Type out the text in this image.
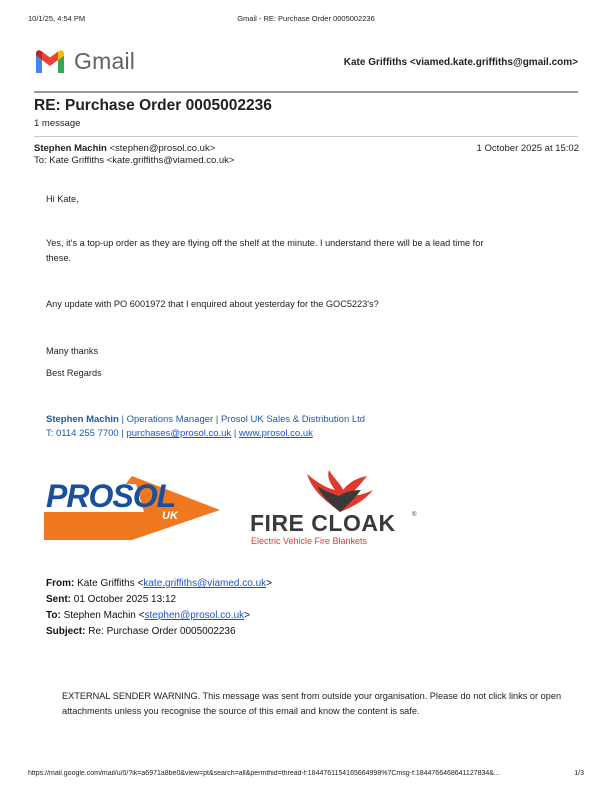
10/1/25, 4:54 PM	Gmail - RE: Purchase Order 0005002236
Gmail	Kate Griffiths <viamed.kate.griffiths@gmail.com>
RE: Purchase Order 0005002236
1 message
Stephen Machin <stephen@prosol.co.uk>	1 October 2025 at 15:02
To: Kate Griffiths <kate.griffiths@viamed.co.uk>
Hi Kate,
Yes, it's a top-up order as they are flying off the shelf at the minute. I understand there will be a lead time for
these.
Any update with PO 6001972 that I enquired about yesterday for the GOC5223's?
Many thanks
Best Regards
Stephen Machin | Operations Manager | Prosol UK Sales & Distribution Ltd
T: 0114 255 7700 | purchases@prosol.co.uk | www.prosol.co.uk
PROSOL
UK	FIRE CLOAK	®
Electric Vehicle Fire Blankets
From: Kate Griffiths <kate.griffiths@viamed.co.uk>
Sent: 01 October 2025 13:12
To: Stephen Machin <stephen@prosol.co.uk>
Subject: Re: Purchase Order 0005002236
EXTERNAL SENDER WARNING. This message was sent from outside your organisation. Please do not click links or open attachments unless you recognise the source of this email and know the content is safe.
https://mail.google.com/mail/u/0/?ik=a6971a8be0&view=pt&search=all&permthid=thread-f:1844761154165664998%7Cmsg-f:1844766468641127834&...	1/3
